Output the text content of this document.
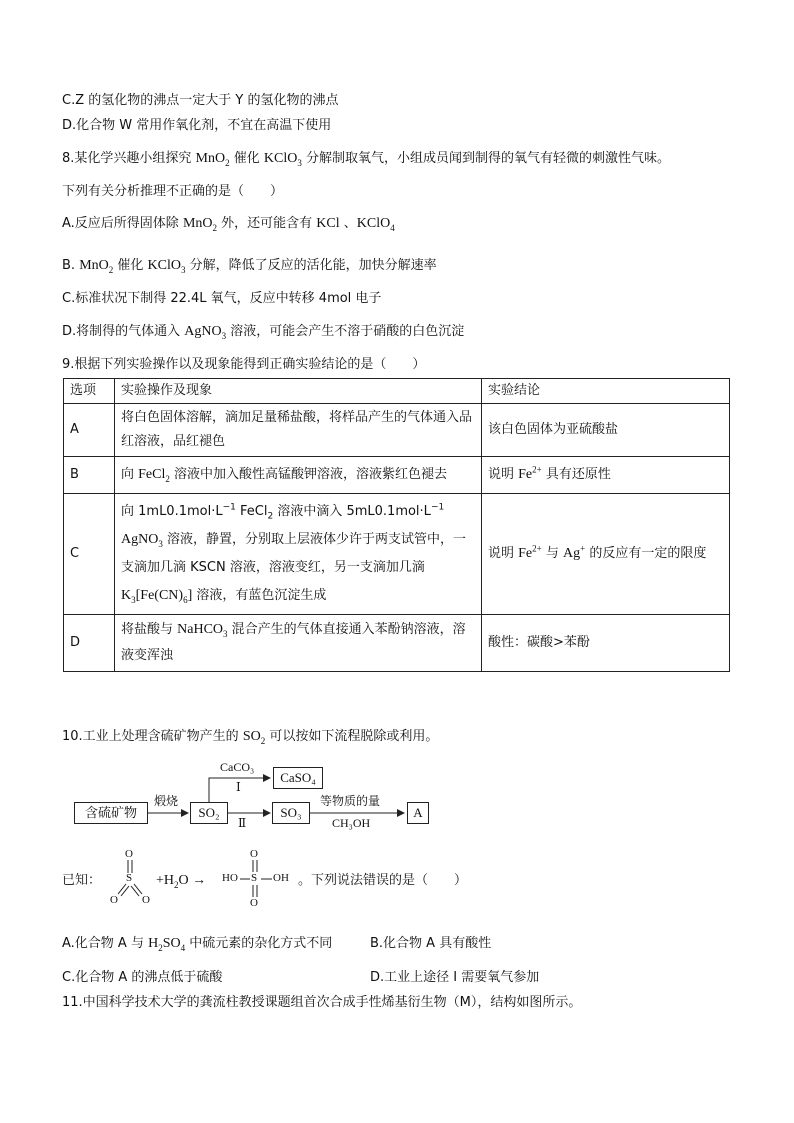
C.Z 的氢化物的沸点一定大于 Y 的氢化物的沸点
D.化合物 W 常用作氧化剂，不宜在高温下使用
8.某化学兴趣小组探究 MnO$_2$ 催化 KClO$_3$ 分解制取氧气，小组成员闻到制得的氧气有轻微的刺激性气味。
下列有关分析推理不正确的是（　　）
A.反应后所得固体除 MnO$_2$ 外，还可能含有 KCl 、KClO$_4$
B. MnO$_2$ 催化 KClO$_3$ 分解，降低了反应的活化能，加快分解速率
C.标准状况下制得 22.4L 氧气，反应中转移 4mol 电子
D.将制得的气体通入 AgNO$_3$ 溶液，可能会产生不溶于硝酸的白色沉淀
9.根据下列实验操作以及现象能得到正确实验结论的是（　　）
选项	实验操作及现象	实验结论
A	将白色固体溶解，滴加足量稀盐酸，将样品产生的气体通入品红溶液，品红褪色	该白色固体为亚硫酸盐
B	向 FeCl$_2$ 溶液中加入酸性高锰酸钾溶液，溶液紫红色褪去	说明 $Fe^{2+}$ 具有还原性
C	向 $1mL0.1mol\cdot L^{-1}$ FeCl$_2$ 溶液中滴入 $5mL0.1mol\cdot L^{-1}$ AgNO$_3$ 溶液，静置，分别取上层液体少许于两支试管中，一支滴加几滴 KSCN 溶液，溶液变红，另一支滴加几滴 $K_3[Fe(CN)_6]$ 溶液，有蓝色沉淀生成	说明 $Fe^{2+}$ 与 Ag+ 的反应有一定的限度
D	将盐酸与 NaHCO$_3$ 混合产生的气体直接通入苯酚钠溶液，溶液变浑浊	酸性：碳酸>苯酚
10.工业上处理含硫矿物产生的 $SO_2$ 可以按如下流程脱除或利用。
含硫矿物
煅烧
SO₂
CaCO₃
Ⅰ
CaSO₄
Ⅱ
SO₃
等物质的量
CH₃OH
A
已知：
O
S
O O
$+H_2O$ →
O
HO S OH
O
。下列说法错误的是（　　）
A.化合物 A 与 $H_2SO_4$ 中硫元素的杂化方式不同	B.化合物 A 具有酸性
C.化合物 A 的沸点低于硫酸	D.工业上途径 I 需要氧气参加
11.中国科学技术大学的龚流柱教授课题组首次合成手性烯基衍生物（M），结构如图所示。
